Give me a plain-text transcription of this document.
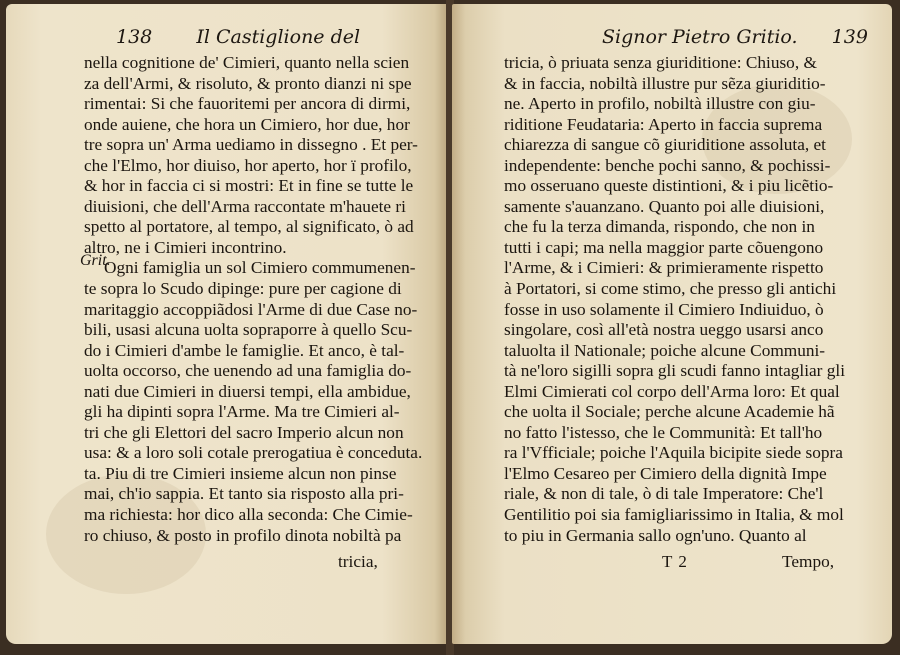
138 Il Castiglione del
Grit.
nella cognitione de' Cimieri, quanto nella scien
za dell'Armi, & risoluto, & pronto dianzi ni spe
rimentai: Si che fauoritemi per ancora di dirmi,
onde auiene, che hora un Cimiero, hor due, hor
tre sopra un' Arma uediamo in dissegno . Et per-
che l'Elmo, hor diuiso, hor aperto, hor ï profilo,
& hor in faccia ci si mostri: Et in fine se tutte le
diuisioni, che dell'Arma raccontate m'hauete ri
spetto al portatore, al tempo, al significato, ò ad
altro, ne i Cimieri incontrino.
Ogni famiglia un sol Cimiero commumenen-
te sopra lo Scudo dipinge: pure per cagione di
maritaggio accoppiãdosi l'Arme di due Case no-
bili, usasi alcuna uolta sopraporre à quello Scu-
do i Cimieri d'ambe le famiglie. Et anco, è tal-
uolta occorso, che uenendo ad una famiglia do-
nati due Cimieri in diuersi tempi, ella ambidue,
gli ha dipinti sopra l'Arme. Ma tre Cimieri al-
tri che gli Elettori del sacro Imperio alcun non
usa: & a loro soli cotale prerogatiua è conceduta.
ta. Piu di tre Cimieri insieme alcun non pinse
mai, ch'io sappia. Et tanto sia risposto alla pri-
ma richiesta: hor dico alla seconda: Che Cimie-
ro chiuso, & posto in profilo dinota nobiltà pa
tricia,
Signor Pietro Gritio. 139
tricia, ò priuata senza giuriditione: Chiuso, &
& in faccia, nobiltà illustre pur sẽza giuriditio-
ne. Aperto in profilo, nobiltà illustre con giu-
riditione Feudataria: Aperto in faccia suprema
chiarezza di sangue cõ giuriditione assoluta, et
independente: benche pochi sanno, & pochissi-
mo osseruano queste distintioni, & i piu licẽtio-
samente s'auanzano. Quanto poi alle diuisioni,
che fu la terza dimanda, rispondo, che non in
tutti i capi; ma nella maggior parte cõuengono
l'Arme, & i Cimieri: & primieramente rispetto
à Portatori, si come stimo, che presso gli antichi
fosse in uso solamente il Cimiero Indiuiduo, ò
singolare, così all'età nostra ueggo usarsi anco
taluolta il Nationale; poiche alcune Communi-
tà ne'loro sigilli sopra gli scudi fanno intagliar gli
Elmi Cimierati col corpo dell'Arma loro: Et qual
che uolta il Sociale; perche alcune Academie hã
no fatto l'istesso, che le Communità: Et tall'ho
ra l'Vfficiale; poiche l'Aquila bicipite siede sopra
l'Elmo Cesareo per Cimiero della dignità Impe
riale, & non di tale, ò di tale Imperatore: Che'l
Gentilitio poi sia famigliarissimo in Italia, & mol
to piu in Germania sallo ogn'uno. Quanto al
T 2	Tempo,
